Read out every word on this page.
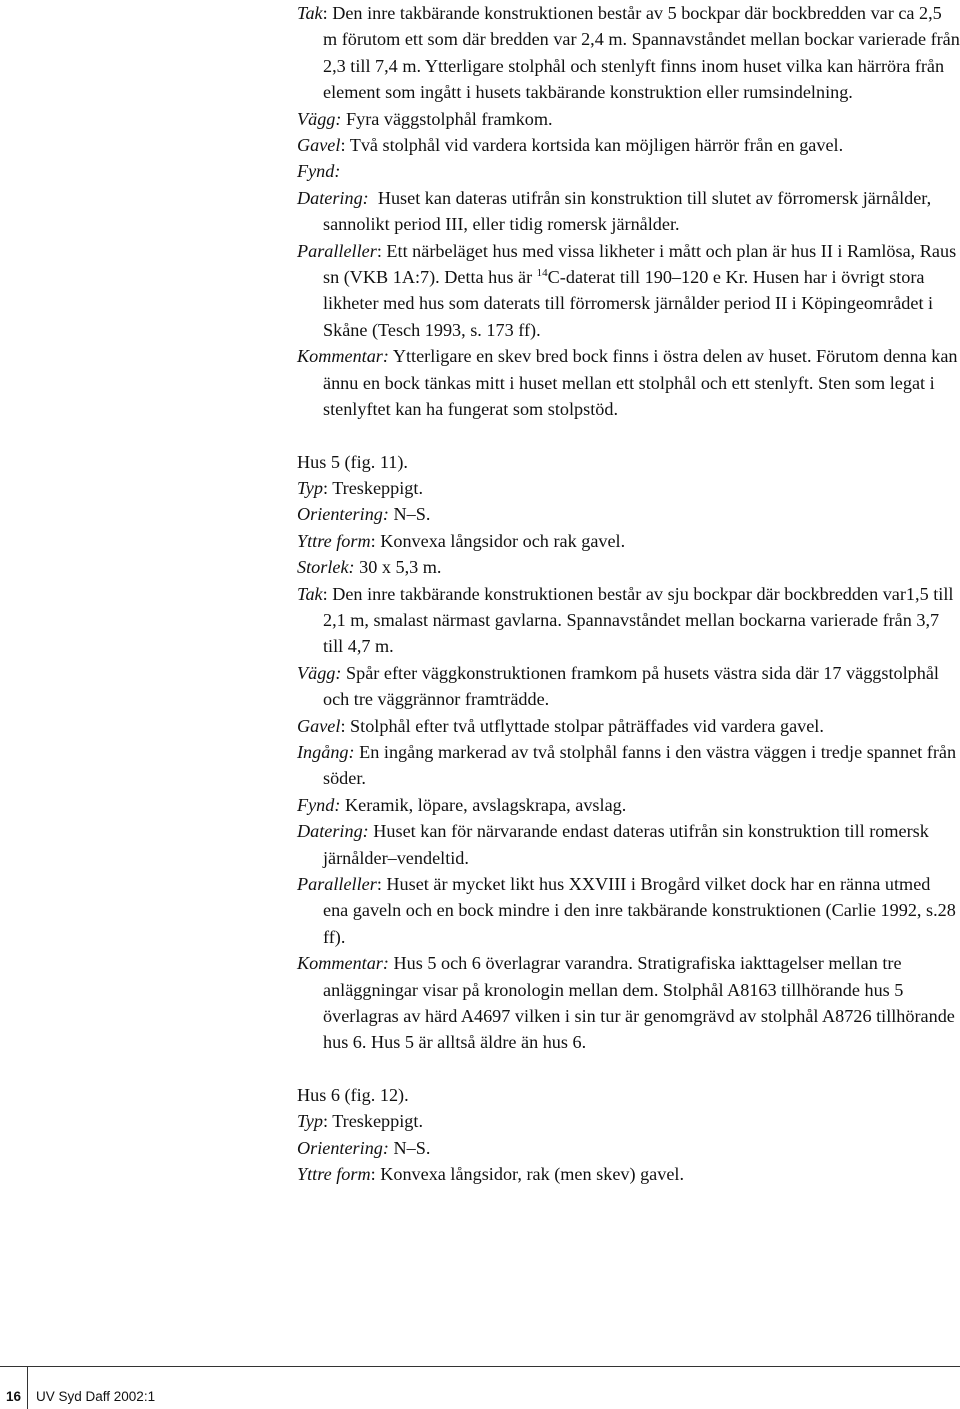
Tak: Den inre takbärande konstruktionen består av 5 bockpar där bockbredden var ca 2,5 m förutom ett som där bredden var 2,4 m. Spannavståndet mellan bockar varierade från 2,3 till 7,4 m. Ytterligare stolphål och stenlyft finns inom huset vilka kan härröra från element som ingått i husets takbärande konstruktion eller rumsindelning.
Vägg: Fyra väggstolphål framkom.
Gavel: Två stolphål vid vardera kortsida kan möjligen härrör från en gavel.
Fynd:
Datering:  Huset kan dateras utifrån sin konstruktion till slutet av förromersk järnålder, sannolikt period III, eller tidig romersk järnålder.
Paralleller: Ett närbeläget hus med vissa likheter i mått och plan är hus II i Ramlösa, Raus sn (VKB 1A:7). Detta hus är $^{14}$C-daterat till 190–120 e Kr. Husen har i övrigt stora likheter med hus som daterats till förromersk järnålder period II i Köpingeområdet i Skåne (Tesch 1993, s. 173 ff).
Kommentar: Ytterligare en skev bred bock finns i östra delen av huset. Förutom denna kan ännu en bock tänkas mitt i huset mellan ett stolphål och ett stenlyft. Sten som legat i stenlyftet kan ha fungerat som stolpstöd.
Hus 5 (fig. 11).
Typ: Treskeppigt.
Orientering: N–S.
Yttre form: Konvexa långsidor och rak gavel.
Storlek: 30 x 5,3 m.
Tak: Den inre takbärande konstruktionen består av sju bockpar där bockbredden var1,5 till 2,1 m, smalast närmast gavlarna. Spannavståndet mellan bockarna varierade från 3,7 till 4,7 m.
Vägg: Spår efter väggkonstruktionen framkom på husets västra sida där 17 väggstolphål och tre väggrännor framträdde.
Gavel: Stolphål efter två utflyttade stolpar påträffades vid vardera gavel.
Ingång: En ingång markerad av två stolphål fanns i den västra väggen i tredje spannet från söder.
Fynd: Keramik, löpare, avslagskrapa, avslag.
Datering: Huset kan för närvarande endast dateras utifrån sin konstruktion till romersk järnålder–vendeltid.
Paralleller: Huset är mycket likt hus XXVIII i Brogård vilket dock har en ränna utmed ena gaveln och en bock mindre i den inre takbärande konstruktionen (Carlie 1992, s.28 ff).
Kommentar: Hus 5 och 6 överlagrar varandra. Stratigrafiska iakttagelser mellan tre anläggningar visar på kronologin mellan dem. Stolphål A8163 tillhörande hus 5 överlagras av härd A4697 vilken i sin tur är genomgrävd av stolphål A8726 tillhörande hus 6. Hus 5 är alltså äldre än hus 6.
Hus 6 (fig. 12).
Typ: Treskeppigt.
Orientering: N–S.
Yttre form: Konvexa långsidor, rak (men skev) gavel.
16 UV Syd Daff 2002:1
